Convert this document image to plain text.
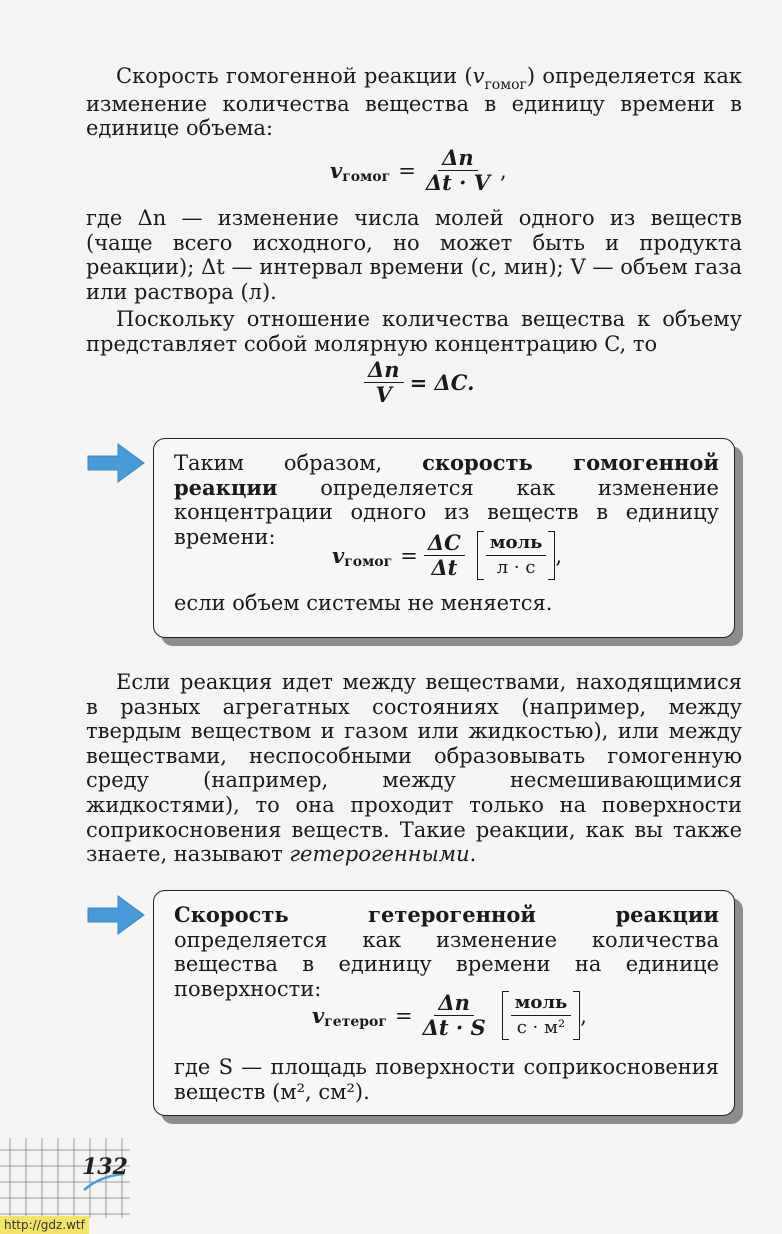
Скорость гомогенной реакции $(v_{гомог})$ определяется как изменение количества вещества в единицу времени в единице объема:
v гомог = $\frac{\Delta n}{\Delta t \cdot V}$ ,
где Δn — изменение числа молей одного из веществ (чаще всего исходного, но может быть и продукта реакции); Δt — интервал времени (с, мин); V — объем газа или раствора (л).
Поскольку отношение количества вещества к объему представляет собой молярную концентрацию C, то
$\frac{\Delta n}{V} = \Delta C$.
Таким образом, скорость гомогенной реакции определяется как изменение концентрации одного из веществ в единицу времени:
v гомог = $\frac{\Delta C}{\Delta t} \frac{\text{моль}}{л \cdot с}$ ,
если объем системы не меняется.
Если реакция идет между веществами, находящимися в разных агрегатных состояниях (например, между твердым веществом и газом или жидкостью), или между веществами, неспособными образовывать гомогенную среду (например, между несмешивающимися жидкостями), то она проходит только на поверхности соприкосновения веществ. Такие реакции, как вы также знаете, называют гетерогенными.
Скорость гетерогенной реакции определяется как изменение количества вещества в единицу времени на единице поверхности:
v гетерог = $\frac{\Delta n}{\Delta t \cdot S} \frac{\text{моль}}{\text{с · м²}}$ ,
где S — площадь поверхности соприкосновения веществ (м², см²).
132
http://gdz.wtf
